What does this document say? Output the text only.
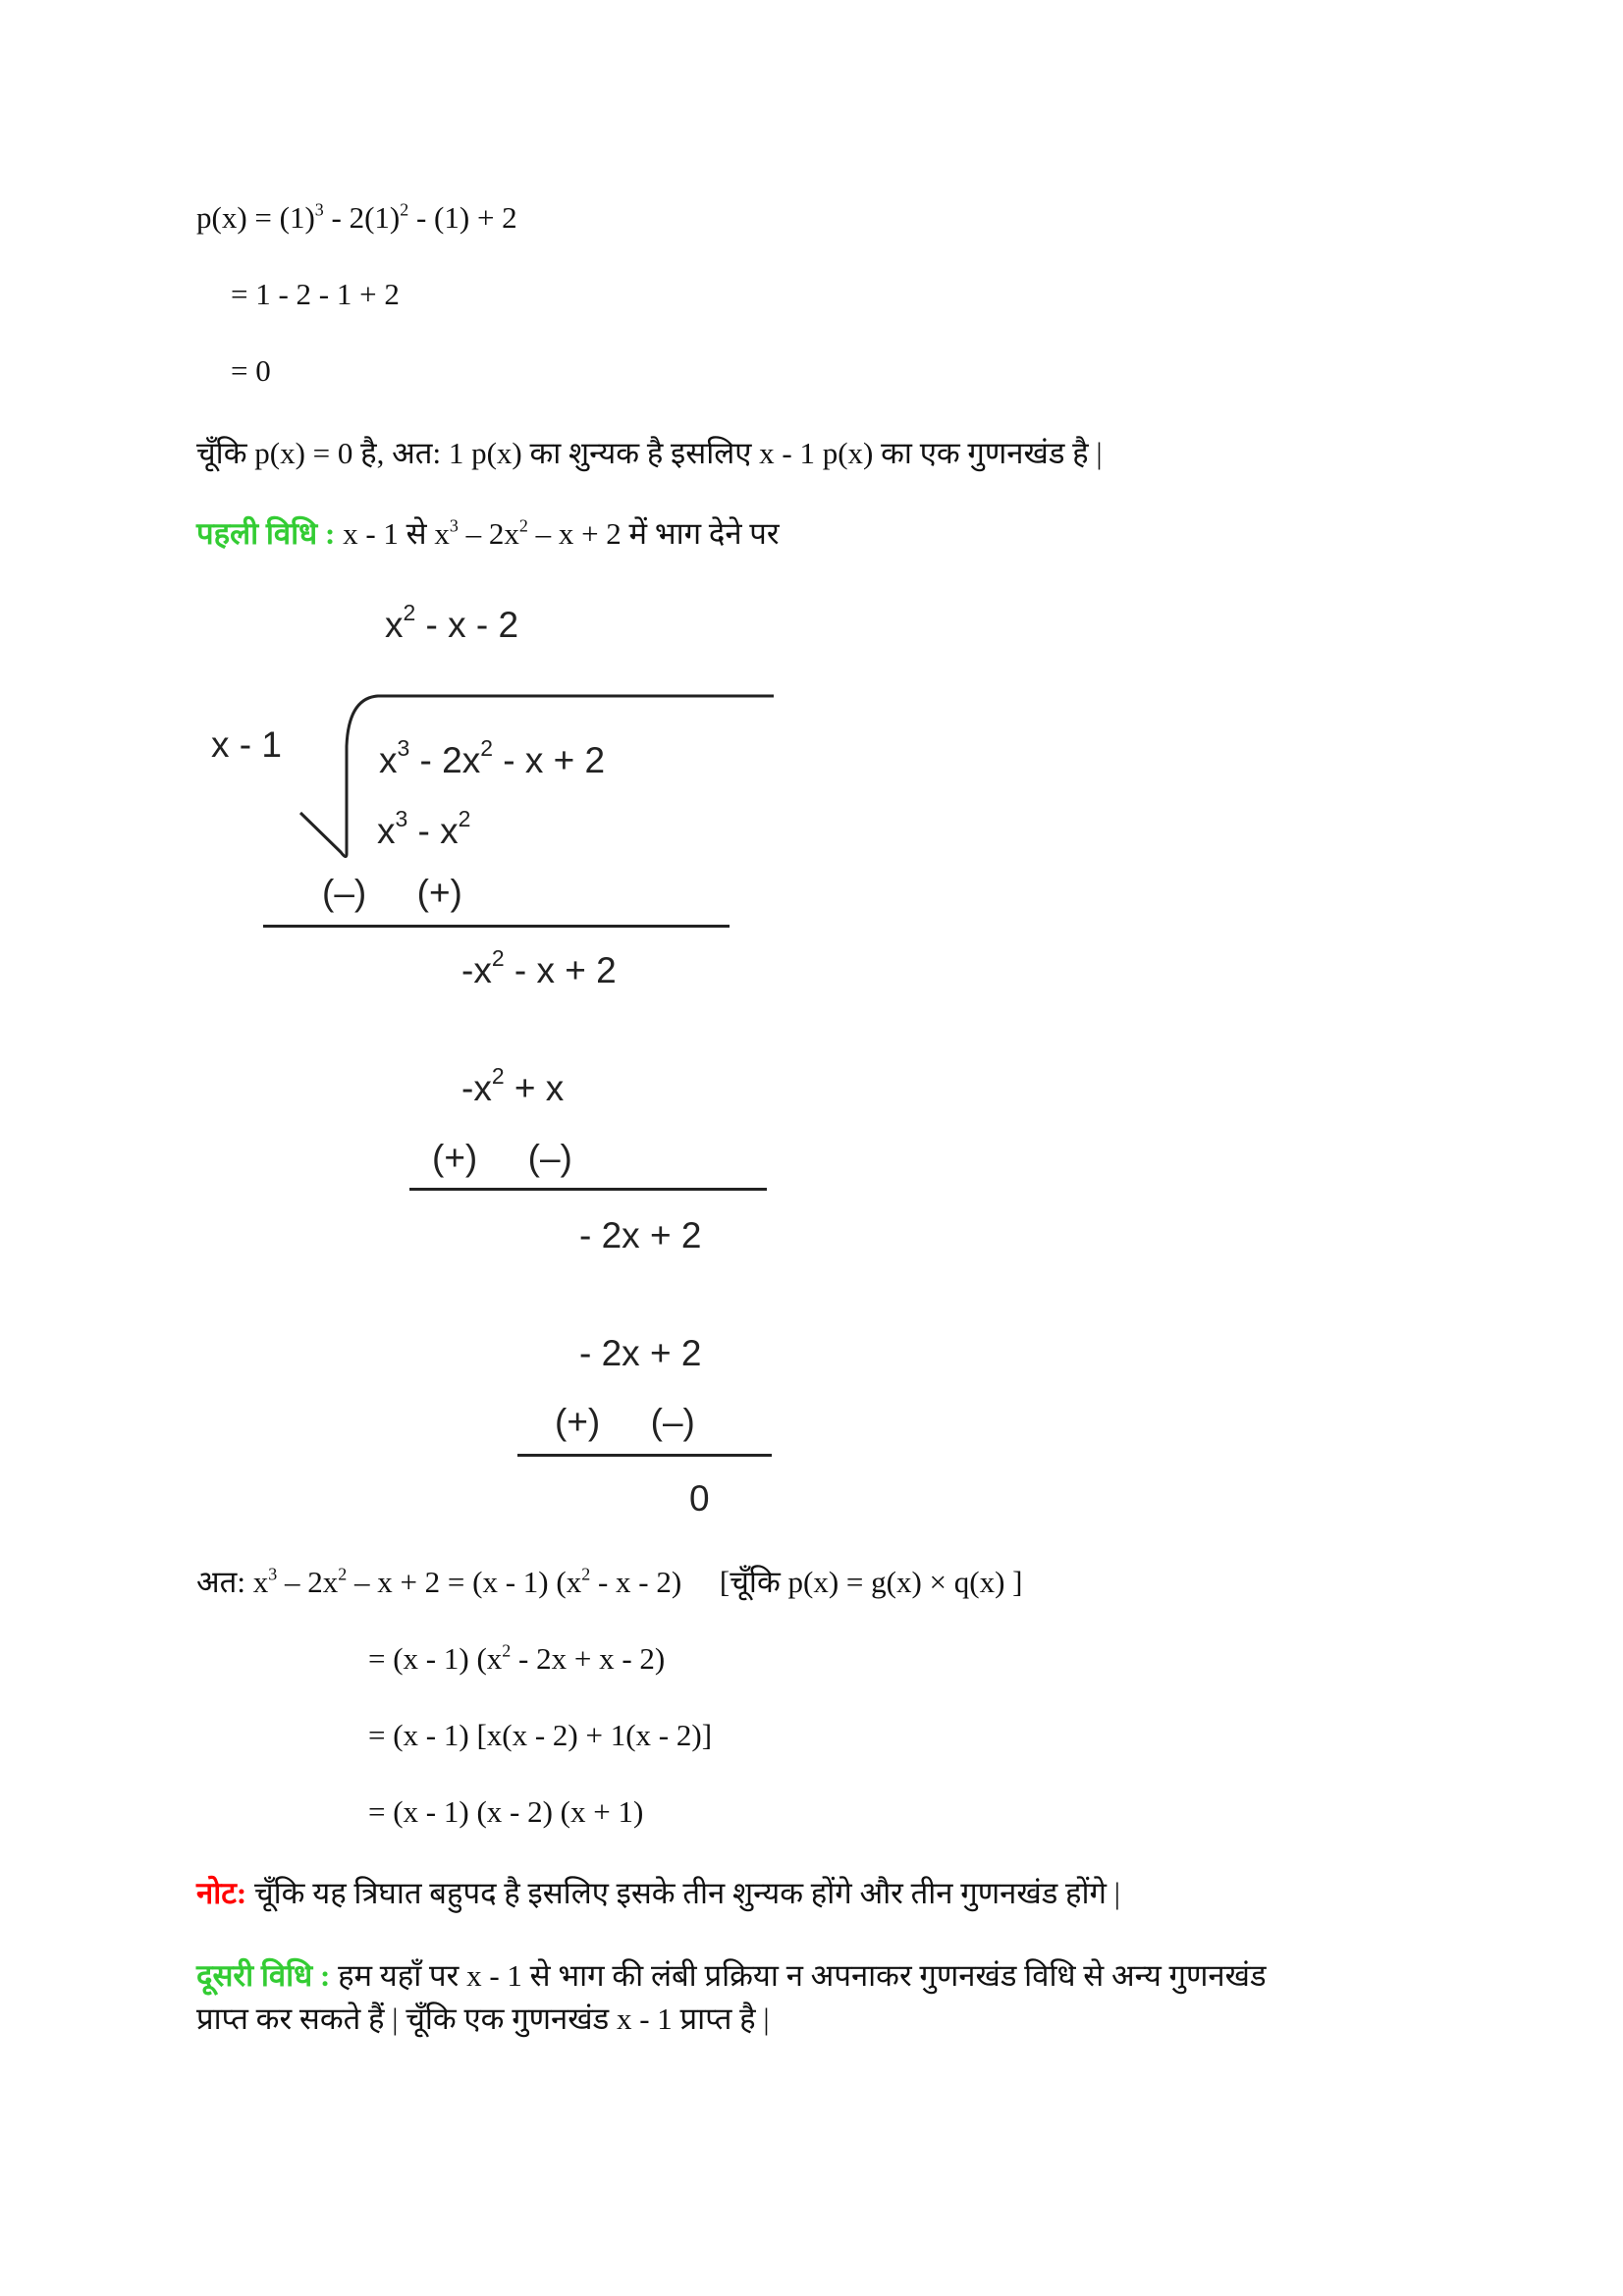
$p(x) = (1)^3 - 2(1)^2 - (1) + 2$
= 1 - 2 - 1 + 2
= 0
चूँकि p(x) = 0 है, अत: 1 p(x) का शुन्यक है इसलिए x - 1 p(x) का एक गुणनखंड है |
पहली विधि : x - 1 से $x^3 - 2x^2 - x + 2$ में भाग देने पर
$x^2$ - x - 2
x - 1	$x^3 - 2x^2 - x + 2$
$x^3 - x^2$
(–)     (+)
$-x^2 - x + 2$
$-x^2 + x$
(+)     (–)
- 2x + 2
- 2x + 2
(+)     (–)
0
अत: $x^3 - 2x^2 - x + 2 = (x - 1)$ ($x^2$ - x - 2)     [चूँकि p(x) = g(x) × q(x) ]
= (x - 1) $(x^2 - 2x + x - 2)$
= (x - 1) [x(x - 2) + 1(x - 2)]
= (x - 1) (x - 2) (x + 1)
नोट: चूँकि यह त्रिघात बहुपद है इसलिए इसके तीन शुन्यक होंगे और तीन गुणनखंड होंगे |
दूसरी विधि : हम यहाँ पर x - 1 से भाग की लंबी प्रक्रिया न अपनाकर गुणनखंड विधि से अन्य गुणनखंड
प्राप्त कर सकते हैं | चूँकि एक गुणनखंड x - 1 प्राप्त है |
